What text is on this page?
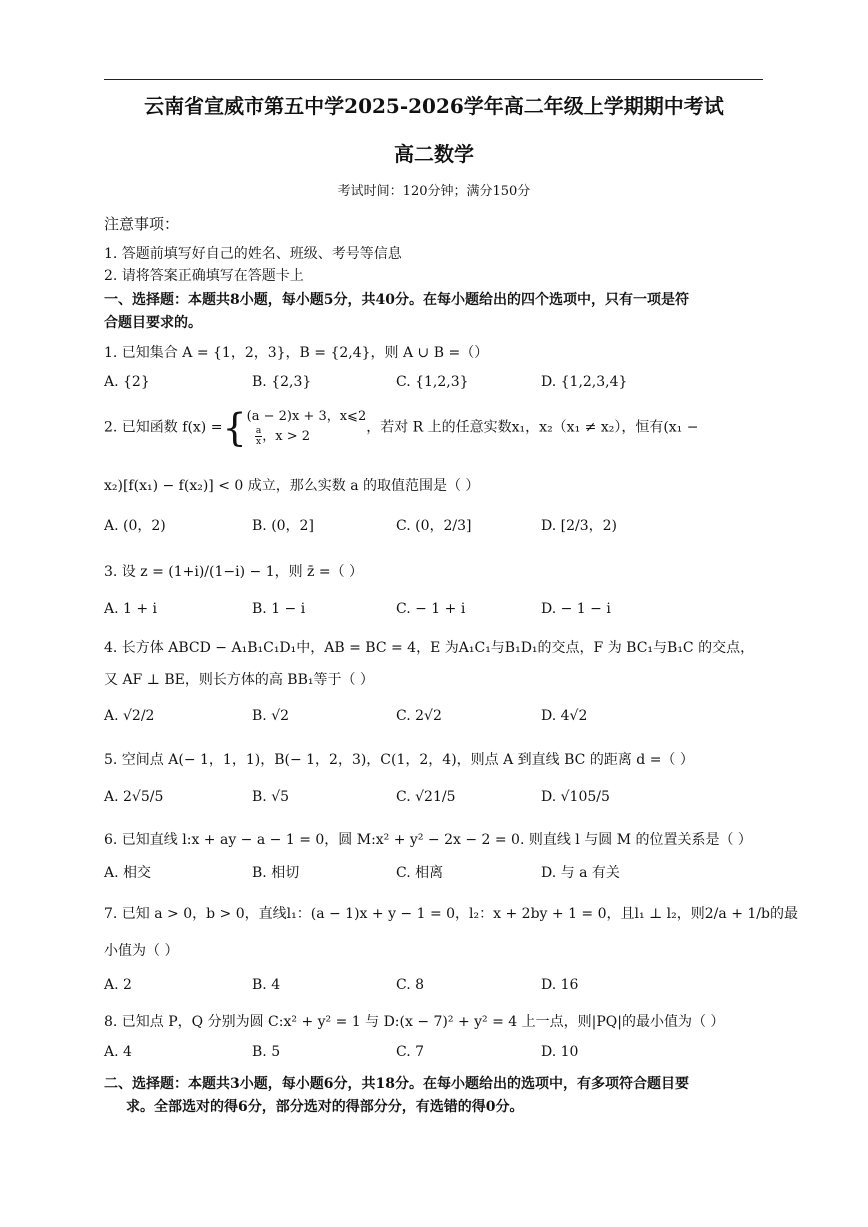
云南省宣威市第五中学2025-2026学年高二年级上学期期中考试
高二数学
考试时间：120分钟；满分150分
注意事项：
1. 答题前填写好自己的姓名、班级、考号等信息
2. 请将答案正确填写在答题卡上
一、选择题：本题共8小题，每小题5分，共40分。在每小题给出的四个选项中，只有一项是符
合题目要求的。
1. 已知集合 A = {1，2，3}，B = {2,4}，则 A ∪ B =（）
A. {2}	B. {2,3}	C. {1,2,3}	D. {1,2,3,4}
2. 已知函数 f(x) ={(a − 2)x + 3，x⩽2

$\frac{a}{x}$ ，x > 2，若对 R 上的任意实数x₁，x₂（x₁ ≠ x₂），恒有(x₁ −
x₂)[f(x₁) − f(x₂)] < 0 成立，那么实数 a 的取值范围是（ ）
A. (0，2)	B. (0，2]	C. (0，2/3]	D. [2/3，2)
3. 设 z = (1+i)/(1−i) − 1，则 z̄ =（ ）
A. 1 + i	B. 1 − i	C. − 1 + i	D. − 1 − i
4. 长方体 ABCD − A₁B₁C₁D₁中，AB = BC = 4，E 为A₁C₁与B₁D₁的交点，F 为 BC₁与B₁C 的交点，
又 AF ⊥ BE，则长方体的高 BB₁等于（ ）
A. √2/2	B. √2	C. 2√2	D. 4√2
5. 空间点 A(− 1，1，1)，B(− 1，2，3)，C(1，2，4)，则点 A 到直线 BC 的距离 d =（ ）
A. 2√5/5	B. √5	C. √21/5	D. √105/5
6. 已知直线 l:x + ay − a − 1 = 0，圆 M:x² + y² − 2x − 2 = 0. 则直线 l 与圆 M 的位置关系是（ ）
A. 相交	B. 相切	C. 相离	D. 与 a 有关
7. 已知 a > 0，b > 0，直线l₁：(a − 1)x + y − 1 = 0，l₂：x + 2by + 1 = 0，且l₁ ⊥ l₂，则2/a + 1/b的最
小值为（ ）
A. 2	B. 4	C. 8	D. 16
8. 已知点 P，Q 分别为圆 C:x² + y² = 1 与 D:(x − 7)² + y² = 4 上一点，则|PQ|的最小值为（ ）
A. 4	B. 5	C. 7	D. 10
二、选择题：本题共3小题，每小题6分，共18分。在每小题给出的选项中，有多项符合题目要
求。全部选对的得6分，部分选对的得部分分，有选错的得0分。
